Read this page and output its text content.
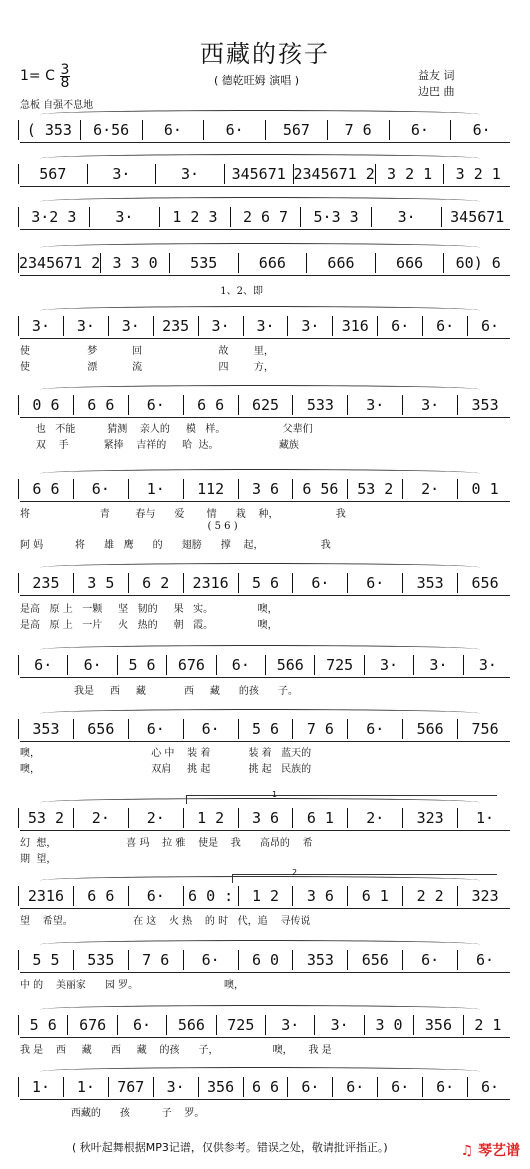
西藏的孩子
1= C 3
8	( 德乾旺姆 演唱 )	益友 词
边巴 曲
急板 自强不息地
( 353	6·56	6·	6·	567	7 6	6·	6·
567	3·	3·	345671 2345671 2 3 2 1	3 2 1
3·2 3	3·	1 2 3	2 6 7	5·3 3	3·	345671
2345671 2 3 3 0	535	666	666	666	60) 6
3·	3·	3·	235	3·	3·	3·	316	6·	6·	6·
0 6	6 6	6·	6 6	625	533	3·	3·	353
6 6	6·	1·	112	3 6	6 56	53 2	2·	0 1
235	3 5	6 2	2316	5 6	6·	6·	353	656
6·	6·	5 6	676	6·	566	725	3·	3·	3·
353	656	6·	6·	5 6	7 6	6·	566	756
53 2	2·	2·	1 2	3 6	6 1	2·	323	1·
2316	6 6	6·	6 0 :	1 2	3 6	6 1	2 2	323
5 5	535	7 6	6·	6 0	353	656	6·	6·
5 6	676	6·	566	725	3·	3·	3 0	356	2 1
1·	1·	767	3·	356	6 6	6·	6·	6·	6·	6·
1、2、即
使                  梦           回                        故        里，
使                  漂           流                        四        方，
也   不能          猜测    亲人的     模   样。                  父辈们
双    手           紧捧    吉祥的     哈  达。                   藏族
将                      青        春与      爱       情      栽    种，                  我
( 5 6 )
阿 妈          将      雄   鹰      的      翅膀      撑    起，                  我
是高   原 上   一颗     坚   韧的     果   实。              噢，
是高   原 上   一片     火   热的     朝   霞。              噢，
我是     西     藏            西     藏      的孩      子。
噢，                                   心 中    装 着            装 着   蓝天的
噢，                                   双肩     挑 起            挑 起   民族的
幻  想，                      喜 玛    拉 雅    使是    我      高昂的    希
期  望，
望    希望。                   在 这    火 热    的 时   代，追    寻传说
中 的    美丽家      园 罗。                           噢，
我 是    西     藏      西     藏    的孩      子，                 噢，     我 是
西藏的      孩          子    罗。
1
2
( 秋叶起舞根据MP3记谱，仅供参考。错误之处，敬请批评指正。)	♫ 琴艺谱
